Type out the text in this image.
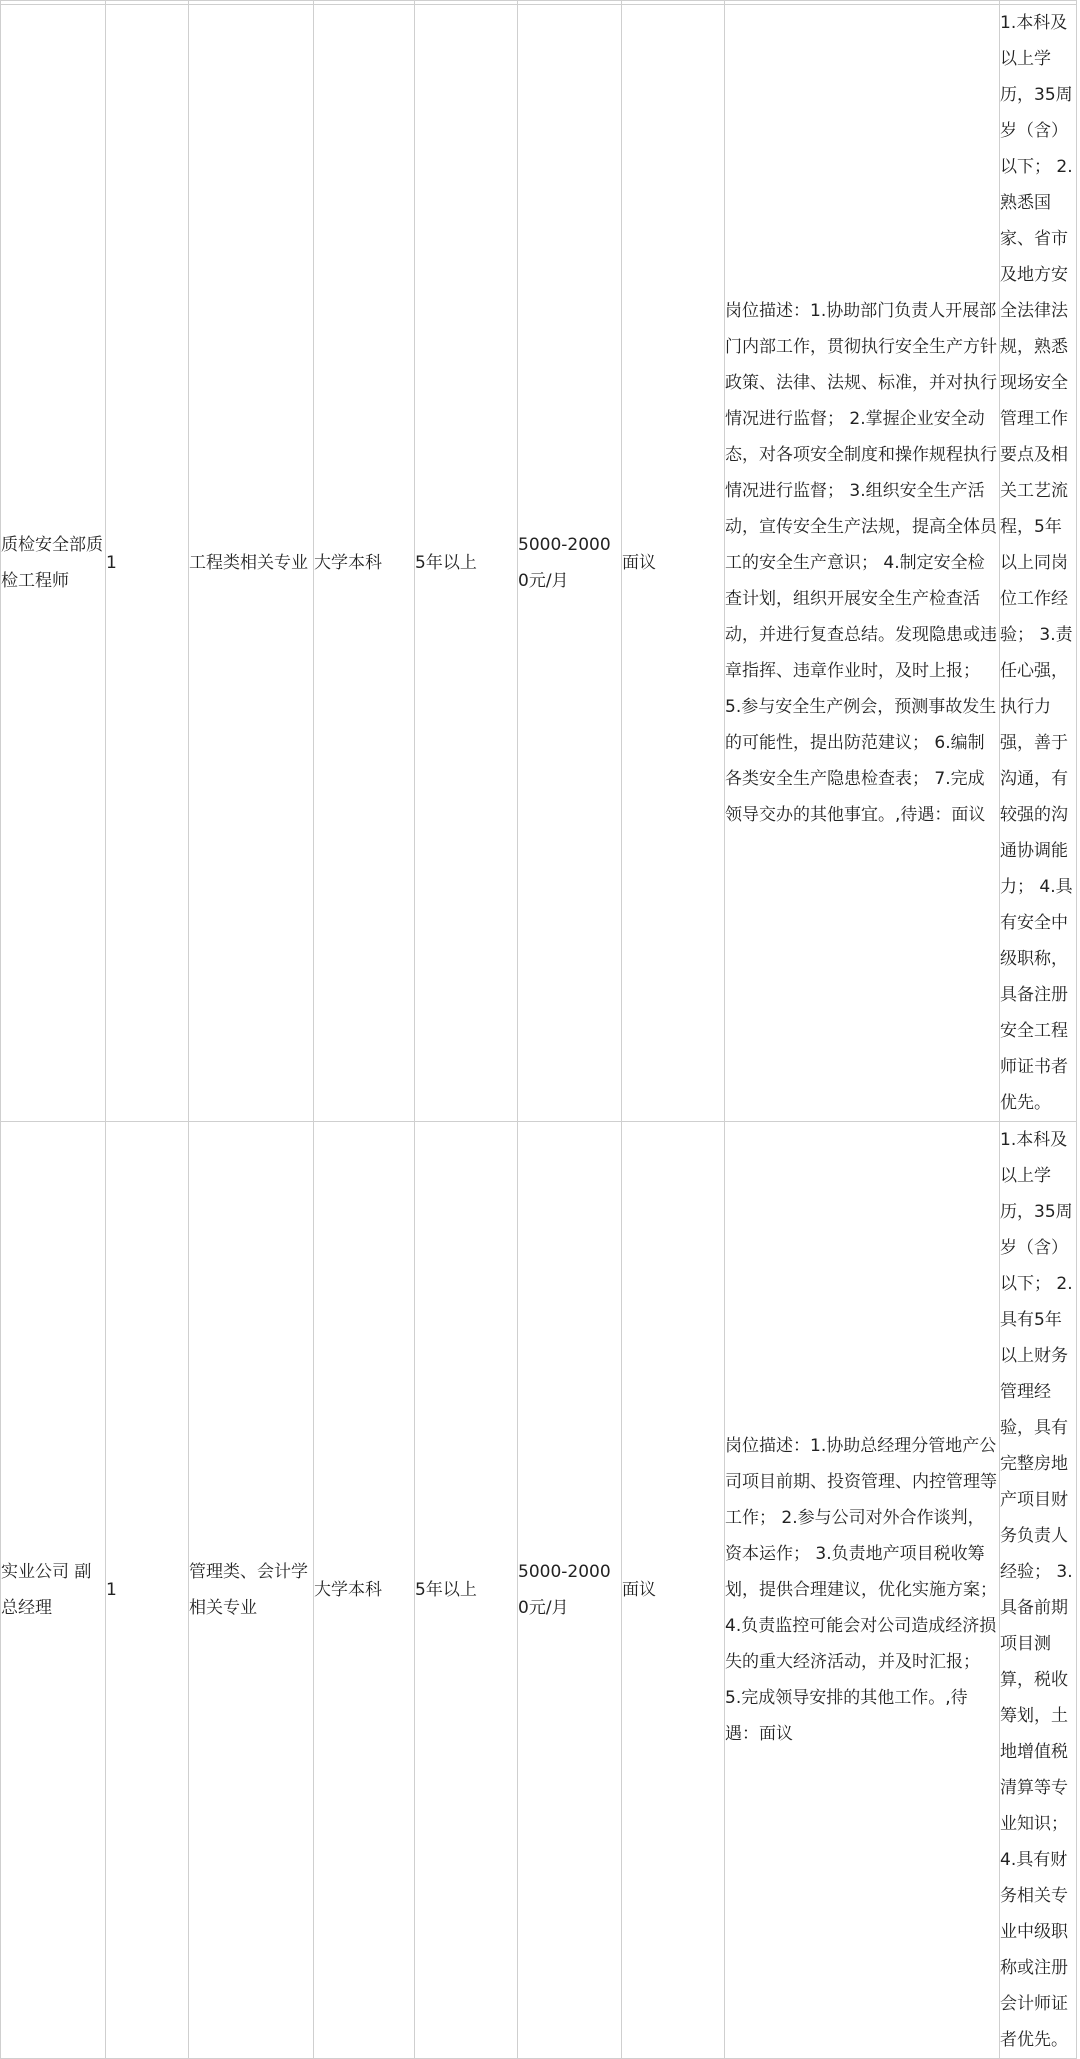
质检安全部质检工程师	1	工程类相关专业	大学本科	5年以上	5000-20000元/月	面议	岗位描述：1.协助部门负责人开展部门内部工作，贯彻执行安全生产方针政策、法律、法规、标准，并对执行情况进行监督； 2.掌握企业安全动态，对各项安全制度和操作规程执行情况进行监督； 3.组织安全生产活动，宣传安全生产法规，提高全体员工的安全生产意识； 4.制定安全检查计划，组织开展安全生产检查活动，并进行复查总结。发现隐患或违章指挥、违章作业时，及时上报； 5.参与安全生产例会，预测事故发生的可能性，提出防范建议； 6.编制各类安全生产隐患检查表； 7.完成领导交办的其他事宜。,待遇：面议	1.本科及以上学历，35周岁（含）以下； 2.熟悉国家、省市及地方安全法律法规，熟悉现场安全管理工作要点及相关工艺流程，5年以上同岗位工作经验； 3.责任心强，执行力强，善于沟通，有较强的沟通协调能力； 4.具有安全中级职称，具备注册安全工程师证书者优先。
实业公司 副总经理	1	管理类、会计学相关专业	大学本科	5年以上	5000-20000元/月	面议	岗位描述：1.协助总经理分管地产公司项目前期、投资管理、内控管理等工作； 2.参与公司对外合作谈判，资本运作； 3.负责地产项目税收筹划，提供合理建议，优化实施方案； 4.负责监控可能会对公司造成经济损失的重大经济活动，并及时汇报； 5.完成领导安排的其他工作。,待遇：面议	1.本科及以上学历，35周岁（含）以下； 2.具有5年以上财务管理经验，具有完整房地产项目财务负责人经验； 3.具备前期项目测算，税收筹划，土地增值税清算等专业知识； 4.具有财务相关专业中级职称或注册会计师证者优先。
